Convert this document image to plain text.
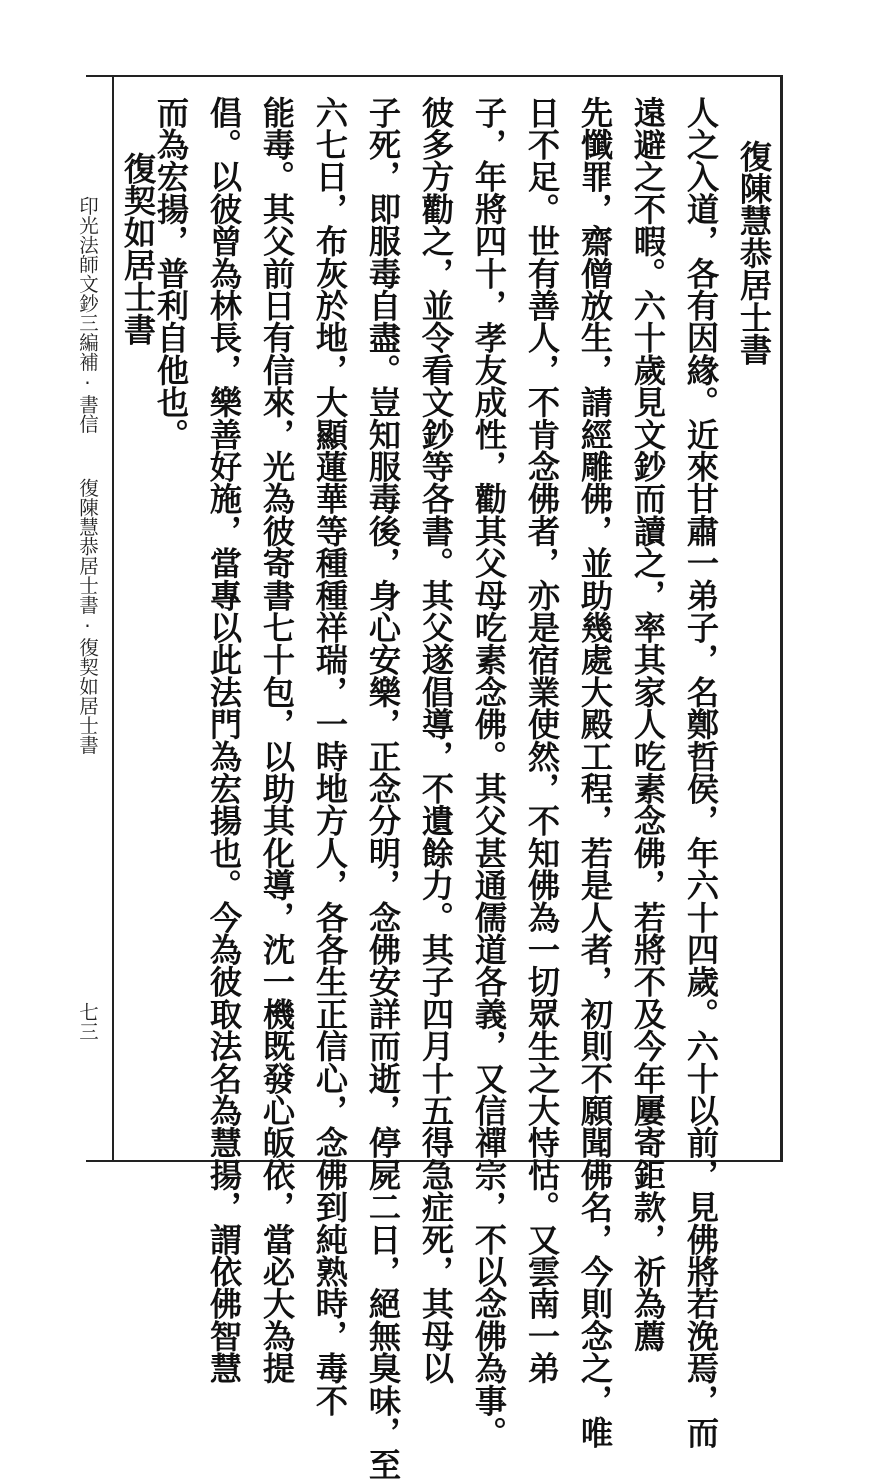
復陳慧恭居士書
人之入道，各有因緣。近來甘肅一弟子，名鄭哲侯，年六十四歲。六十以前，見佛將若浼焉，而
遠避之不暇。六十歲見文鈔而讀之，率其家人吃素念佛，若將不及今年屢寄鉅款，祈為薦
先懺罪，齋僧放生，請經雕佛，並助幾處大殿工程，若是人者，初則不願聞佛名，今則念之，唯
日不足。世有善人，不肯念佛者，亦是宿業使然，不知佛為一切眾生之大恃怙。又雲南一弟
子，年將四十，孝友成性，勸其父母吃素念佛。其父甚通儒道各義，又信禪宗，不以念佛為事。
彼多方勸之，並令看文鈔等各書。其父遂倡導，不遺餘力。其子四月十五得急症死，其母以
子死，即服毒自盡。豈知服毒後，身心安樂，正念分明，念佛安詳而逝，停屍二日，絕無臭味，至
六七日，布灰於地，大顯蓮華等種種祥瑞，一時地方人，各各生正信心，念佛到純熟時，毒不
能毒。其父前日有信來，光為彼寄書七十包，以助其化導，沈一機既發心皈依，當必大為提
倡。以彼曾為林長，樂善好施，當專以此法門為宏揚也。今為彼取法名為慧揚，謂依佛智慧
而為宏揚，普利自他也。
復契如居士書
印光法師文鈔三編補·書信
復陳慧恭居士書·復契如居士書
七三
